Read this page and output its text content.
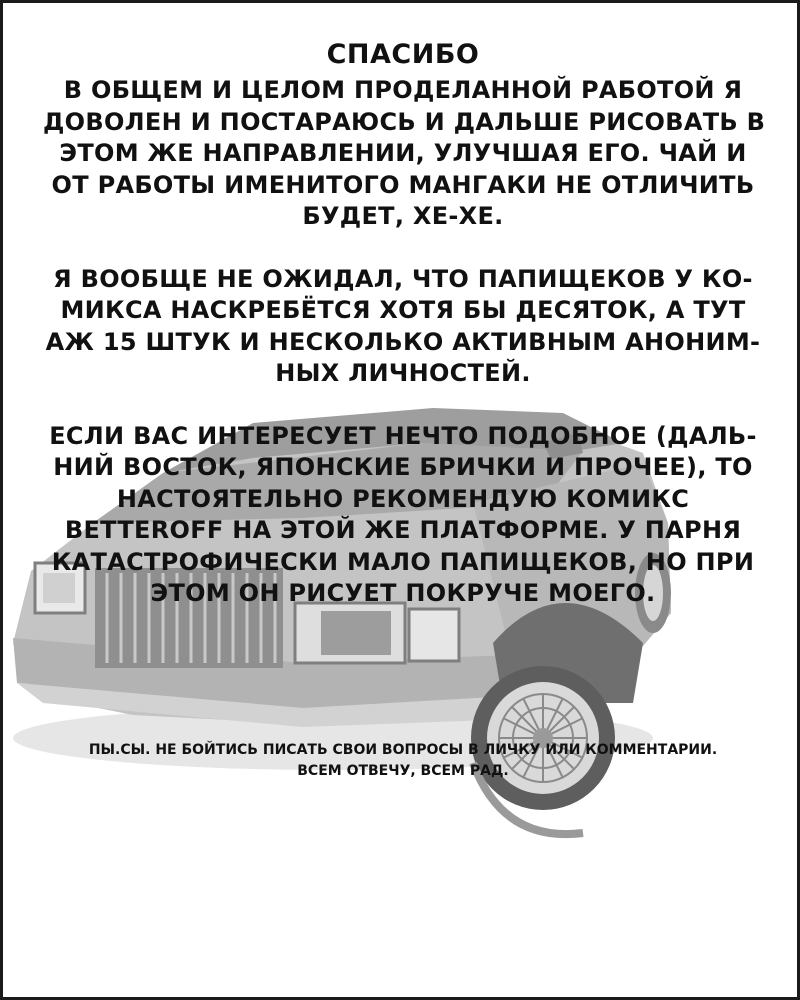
СПАСИБО

В ОБЩЕМ И ЦЕЛОМ ПРОДЕЛАННОЙ РАБОТОЙ Я

ДОВОЛЕН И ПОСТАРАЮСЬ И ДАЛЬШЕ РИСОВАТЬ В

ЭТОМ ЖЕ НАПРАВЛЕНИИ, УЛУЧШАЯ ЕГО. ЧАЙ И

ОТ РАБОТЫ ИМЕНИТОГО МАНГАКИ НЕ ОТЛИЧИТЬ

БУДЕТ, ХЕ-ХЕ.

Я ВООБЩЕ НЕ ОЖИДАЛ, ЧТО ПАПИЩЕКОВ У КО-

МИКСА НАСКРЕБЁТСЯ ХОТЯ БЫ ДЕСЯТОК, А ТУТ

АЖ 15 ШТУК И НЕСКОЛЬКО АКТИВНЫМ АНОНИМ-

НЫХ ЛИЧНОСТЕЙ.

ЕСЛИ ВАС ИНТЕРЕСУЕТ НЕЧТО ПОДОБНОЕ (ДАЛЬ-

НИЙ ВОСТОК, ЯПОНСКИЕ БРИЧКИ И ПРОЧЕЕ), ТО

НАСТОЯТЕЛЬНО РЕКОМЕНДУЮ КОМИКС

BETTEROFF НА ЭТОЙ ЖЕ ПЛАТФОРМЕ. У ПАРНЯ

КАТАСТРОФИЧЕСКИ МАЛО ПАПИЩЕКОВ, НО ПРИ

ЭТОМ ОН РИСУЕТ ПОКРУЧЕ МОЕГО.

ПЫ.СЫ. НЕ БОЙТИСЬ ПИСАТЬ СВОИ ВОПРОСЫ В ЛИЧКУ ИЛИ КОММЕНТАРИИ.

ВСЕМ ОТВЕЧУ, ВСЕМ РАД.
